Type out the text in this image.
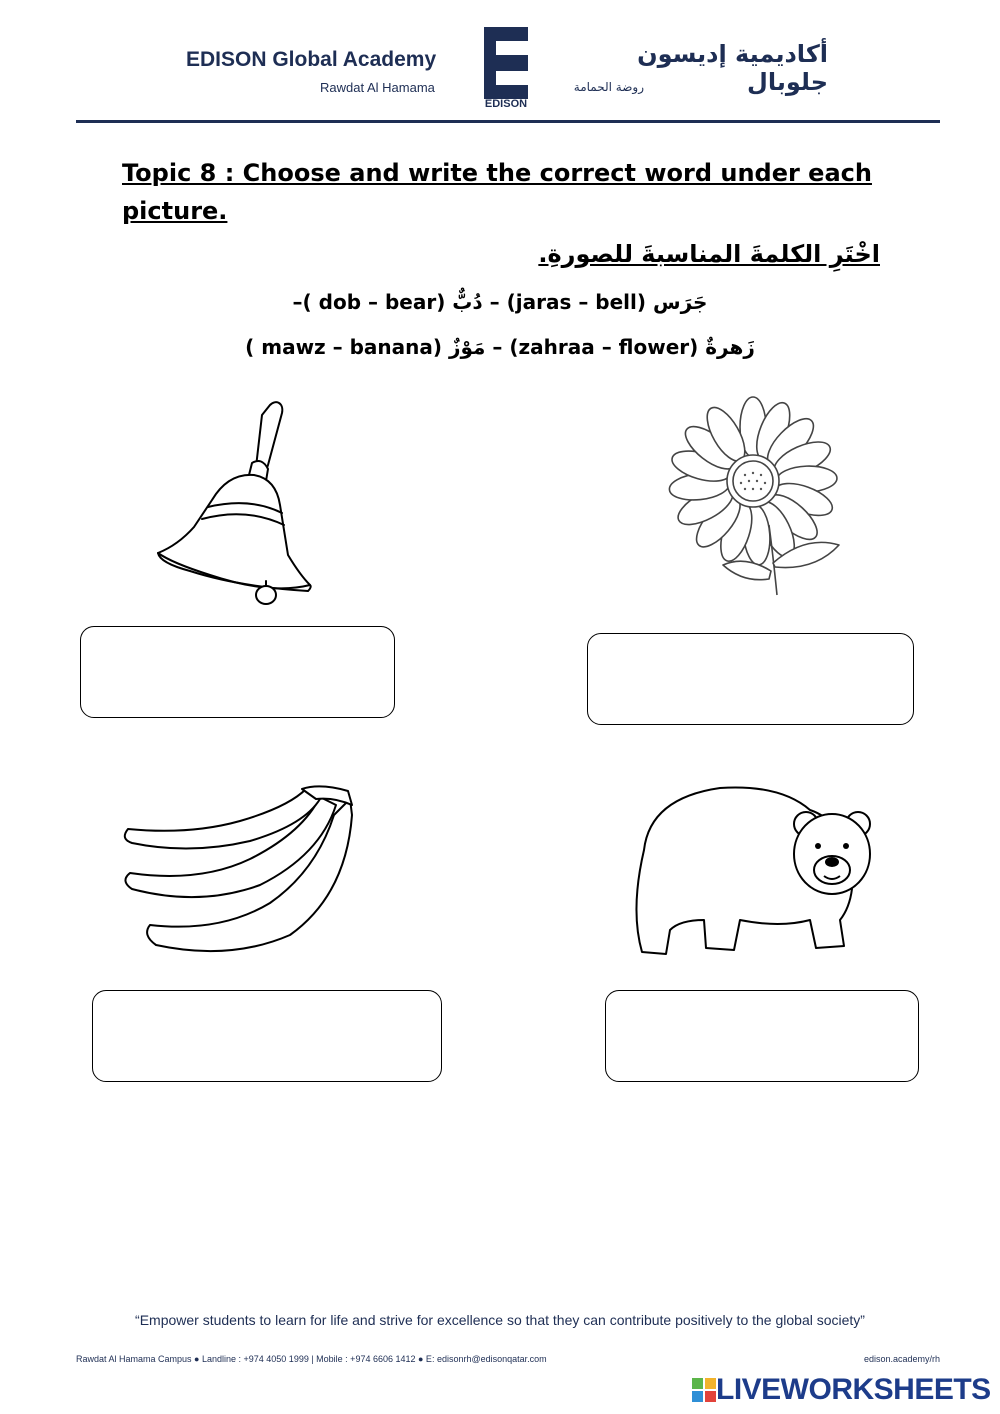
EDISON Global Academy
Rawdat Al Hamama
EDISON
أكاديمية إديسون جلوبال
روضة الحمامة
Topic 8 : Choose and write the correct word under each picture.
اخْتَرِ الكلمةَ المناسبةَ للصورةِ.
–( dob – bear) دُبٌّ – (jaras – bell) جَرَس
( mawz – banana) مَوْزٌ – (zahraa – flower) زَهرةٌ
“Empower students to learn for life and strive for excellence so that they can contribute positively to the global society”
Rawdat Al Hamama Campus ● Landline : +974 4050 1999 | Mobile : +974 6606 1412 ● E: edisonrh@edisonqatar.com	edison.academy/rh
LIVEWORKSHEETS
